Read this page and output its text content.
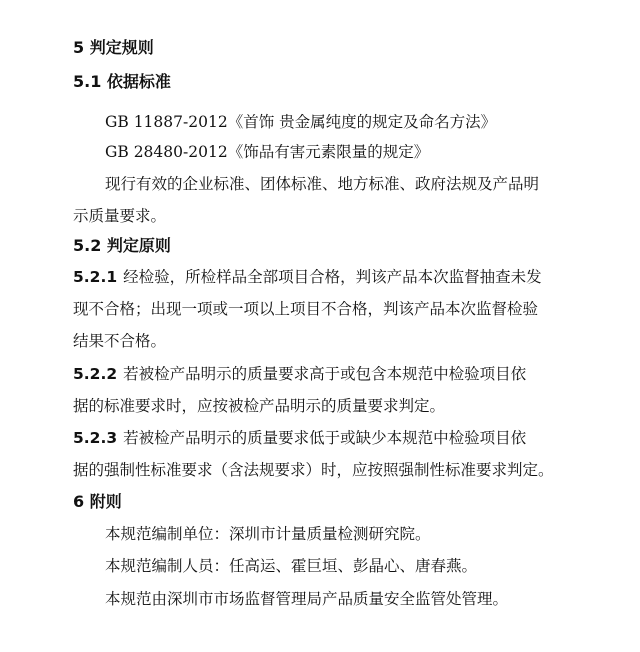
5 判定规则
5.1 依据标准
GB 11887-2012《首饰 贵金属纯度的规定及命名方法》
GB 28480-2012《饰品有害元素限量的规定》
现行有效的企业标准、团体标准、地方标准、政府法规及产品明
示质量要求。
5.2 判定原则
5.2.1 经检验，所检样品全部项目合格，判该产品本次监督抽查未发
现不合格；出现一项或一项以上项目不合格，判该产品本次监督检验
结果不合格。
5.2.2 若被检产品明示的质量要求高于或包含本规范中检验项目依
据的标准要求时，应按被检产品明示的质量要求判定。
5.2.3 若被检产品明示的质量要求低于或缺少本规范中检验项目依
据的强制性标准要求（含法规要求）时，应按照强制性标准要求判定。
6 附则
本规范编制单位：深圳市计量质量检测研究院。
本规范编制人员：任高运、霍巨垣、彭晶心、唐春燕。
本规范由深圳市市场监督管理局产品质量安全监管处管理。
